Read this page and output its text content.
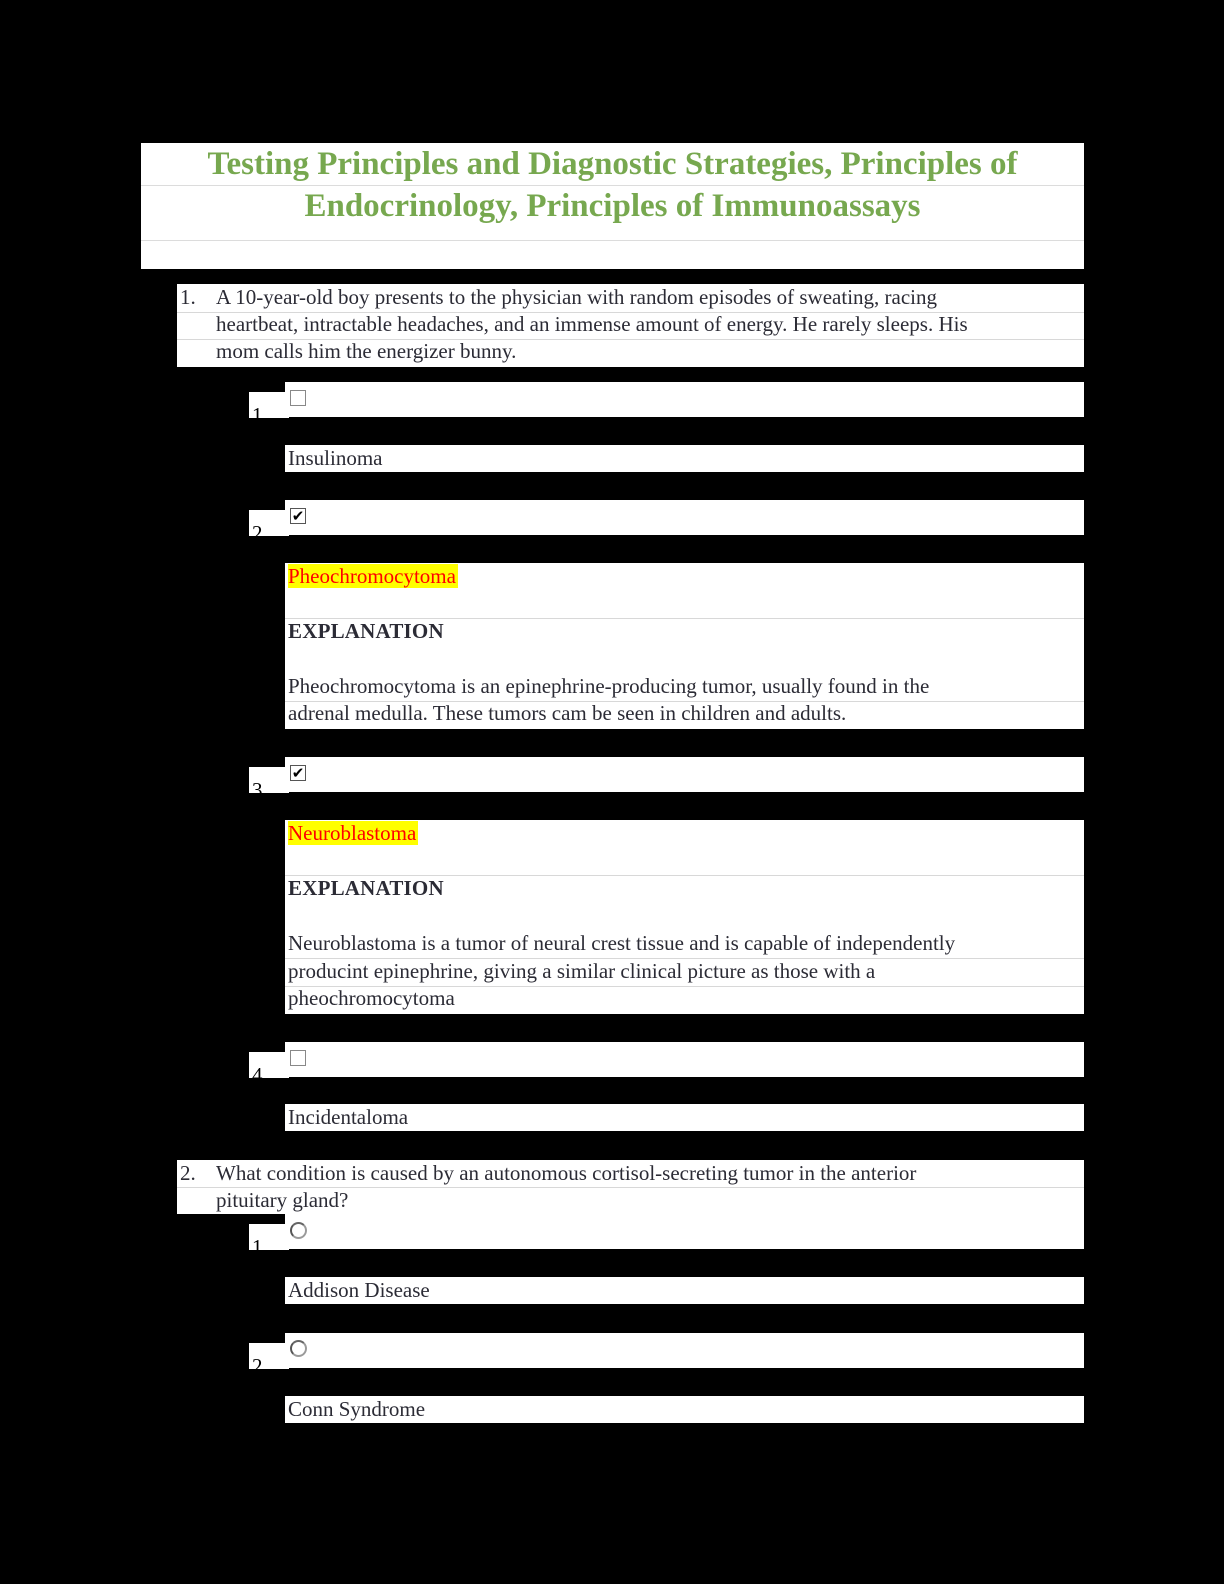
Testing Principles and Diagnostic Strategies, Principles of
Endocrinology, Principles of Immunoassays
1. A 10-year-old boy presents to the physician with random episodes of sweating, racing
heartbeat, intractable headaches, and an immense amount of energy. He rarely sleeps. His
mom calls him the energizer bunny.
1.
Insulinoma
✔
2.
Pheochromocytoma
EXPLANATION
Pheochromocytoma is an epinephrine-producing tumor, usually found in the
adrenal medulla. These tumors cam be seen in children and adults.
✔
3.
Neuroblastoma
EXPLANATION
Neuroblastoma is a tumor of neural crest tissue and is capable of independently
producint epinephrine, giving a similar clinical picture as those with a
pheochromocytoma
4.
Incidentaloma
2. What condition is caused by an autonomous cortisol-secreting tumor in the anterior
pituitary gland?
1.
Addison Disease
2.
Conn Syndrome
